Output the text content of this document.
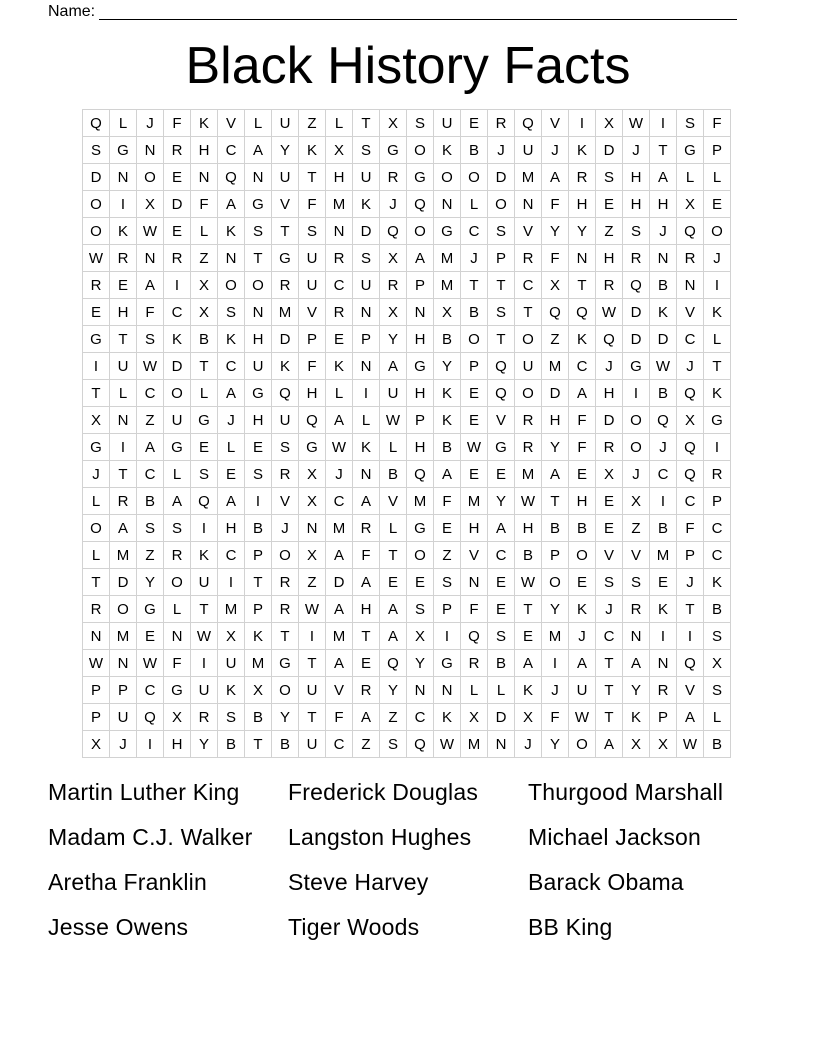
Name:
Black History Facts
Q	L	J	F	K	V	L	U	Z	L	T	X	S	U	E	R	Q	V	I	X	W	I	S	F
S	G	N	R	H	C	A	Y	K	X	S	G	O	K	B	J	U	J	K	D	J	T	G	P
D	N	O	E	N	Q	N	U	T	H	U	R	G	O	O	D	M	A	R	S	H	A	L	L
O	I	X	D	F	A	G	V	F	M	K	J	Q	N	L	O	N	F	H	E	H	H	X	E
O	K	W	E	L	K	S	T	S	N	D	Q	O	G	C	S	V	Y	Y	Z	S	J	Q	O
W	R	N	R	Z	N	T	G	U	R	S	X	A	M	J	P	R	F	N	H	R	N	R	J
R	E	A	I	X	O	O	R	U	C	U	R	P	M	T	T	C	X	T	R	Q	B	N	I
E	H	F	C	X	S	N	M	V	R	N	X	N	X	B	S	T	Q	Q	W	D	K	V	K
G	T	S	K	B	K	H	D	P	E	P	Y	H	B	O	T	O	Z	K	Q	D	D	C	L
I	U	W	D	T	C	U	K	F	K	N	A	G	Y	P	Q	U	M	C	J	G	W	J	T
T	L	C	O	L	A	G	Q	H	L	I	U	H	K	E	Q	O	D	A	H	I	B	Q	K
X	N	Z	U	G	J	H	U	Q	A	L	W	P	K	E	V	R	H	F	D	O	Q	X	G
G	I	A	G	E	L	E	S	G	W	K	L	H	B	W	G	R	Y	F	R	O	J	Q	I
J	T	C	L	S	E	S	R	X	J	N	B	Q	A	E	E	M	A	E	X	J	C	Q	R
L	R	B	A	Q	A	I	V	X	C	A	V	M	F	M	Y	W	T	H	E	X	I	C	P
O	A	S	S	I	H	B	J	N	M	R	L	G	E	H	A	H	B	B	E	Z	B	F	C
L	M	Z	R	K	C	P	O	X	A	F	T	O	Z	V	C	B	P	O	V	V	M	P	C
T	D	Y	O	U	I	T	R	Z	D	A	E	E	S	N	E	W	O	E	S	S	E	J	K
R	O	G	L	T	M	P	R	W	A	H	A	S	P	F	E	T	Y	K	J	R	K	T	B
N	M	E	N	W	X	K	T	I	M	T	A	X	I	Q	S	E	M	J	C	N	I	I	S
W	N	W	F	I	U	M	G	T	A	E	Q	Y	G	R	B	A	I	A	T	A	N	Q	X
P	P	C	G	U	K	X	O	U	V	R	Y	N	N	L	L	K	J	U	T	Y	R	V	S
P	U	Q	X	R	S	B	Y	T	F	A	Z	C	K	X	D	X	F	W	T	K	P	A	L
X	J	I	H	Y	B	T	B	U	C	Z	S	Q	W	M	N	J	Y	O	A	X	X	W	B
Martin Luther King	Frederick Douglas	Thurgood Marshall
Madam C.J. Walker	Langston Hughes	Michael Jackson
Aretha Franklin	Steve Harvey	Barack Obama
Jesse Owens	Tiger Woods	BB King
